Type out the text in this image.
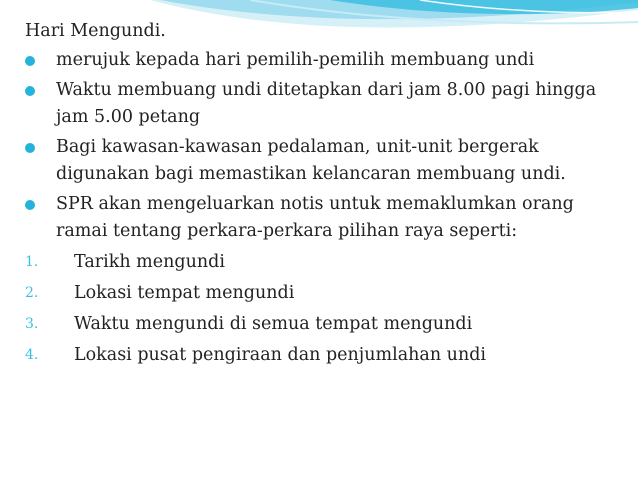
Hari Mengundi.
merujuk kepada hari pemilih-pemilih membuang undi
Waktu membuang undi ditetapkan dari jam 8.00 pagi hingga jam 5.00 petang
Bagi kawasan-kawasan pedalaman, unit-unit bergerak digunakan bagi memastikan kelancaran membuang undi.
SPR akan mengeluarkan notis untuk memaklumkan orang ramai tentang perkara-perkara pilihan raya seperti:
1. Tarikh mengundi
2. Lokasi tempat mengundi
3. Waktu mengundi di semua tempat mengundi
4. Lokasi pusat pengiraan dan penjumlahan undi
